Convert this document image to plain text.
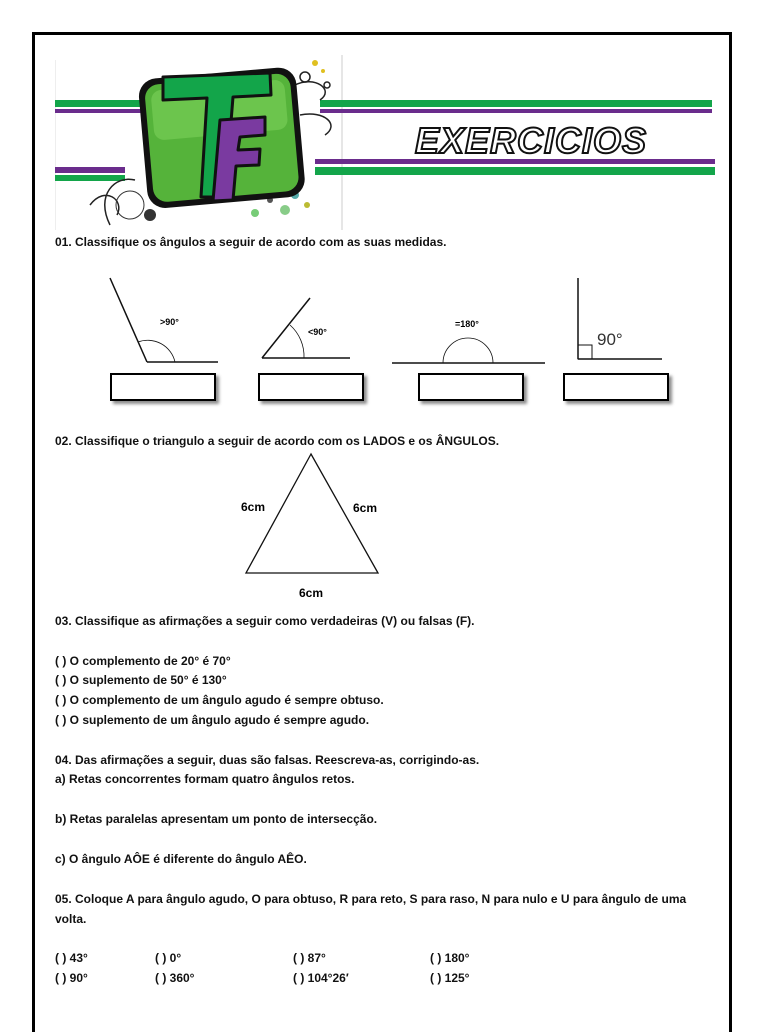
EXERCICIOS
01. Classifique os ângulos a seguir de acordo com as suas medidas.
>90°
<90°
=180°
90°
02. Classifique o triangulo a seguir de acordo com os LADOS e os ÂNGULOS.
6cm	6cm
6cm
03. Classifique as afirmações a seguir como verdadeiras (V) ou falsas (F).
( ) O complemento de 20° é 70°
( ) O suplemento de 50° é 130°
( ) O complemento de um ângulo agudo é sempre obtuso.
( ) O suplemento de um ângulo agudo é sempre agudo.
04. Das afirmações a seguir, duas são falsas. Reescreva-as, corrigindo-as.
a) Retas concorrentes formam quatro ângulos retos.
b) Retas paralelas apresentam um ponto de intersecção.
c) O ângulo AÔE é diferente do ângulo AÊO.
05. Coloque A para ângulo agudo, O para obtuso, R para reto, S para raso, N para nulo e U para ângulo de uma
volta.
( ) 43°	( ) 0°	( ) 87°	( ) 180°
( ) 90°	( ) 360°	( ) 104°26′	( ) 125°
